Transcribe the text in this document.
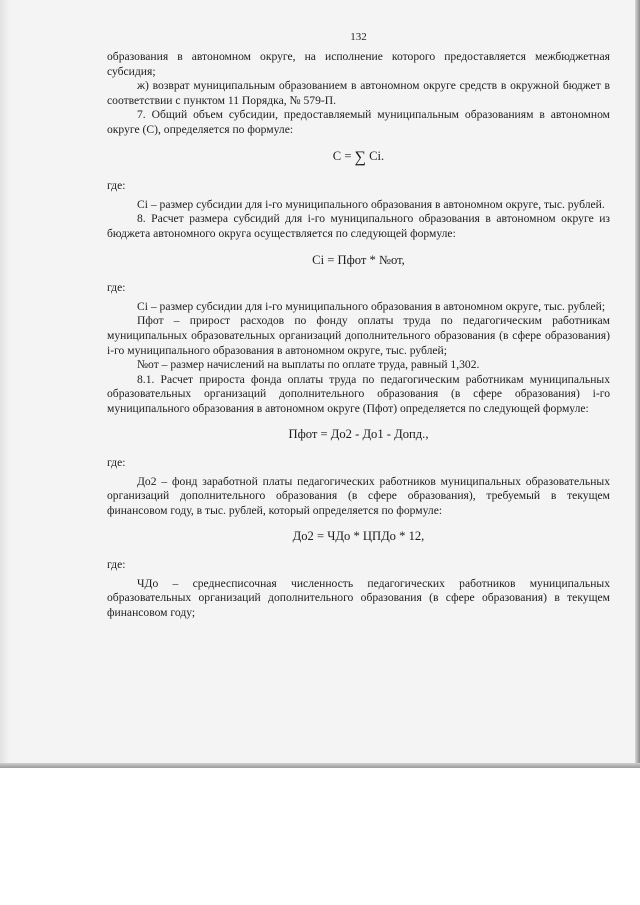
132

образования в автономном округе, на исполнение которого предоставляется межбюджетная субсидия;

ж) возврат муниципальным образованием в автономном округе средств в окружной бюджет в соответствии с пунктом 11 Порядка, № 579-П.

7. Общий объем субсидии, предоставляемый муниципальным образованиям в автономном округе (С), определяется по формуле:

С = ∑ Сi.

где:

Сi – размер субсидии для i-го муниципального образования в автономном округе, тыс. рублей.

8. Расчет размера субсидий для i-го муниципального образования в автономном округе из бюджета автономного округа осуществляется по следующей формуле:

Сi = Пфот * №от,

где:

Сi – размер субсидии для i-го муниципального образования в автономном округе, тыс. рублей;

Пфот – прирост расходов по фонду оплаты труда по педагогическим работникам муниципальных образовательных организаций дополнительного образования (в сфере образования) i-го муниципального образования в автономном округе, тыс. рублей;

№от – размер начислений на выплаты по оплате труда, равный 1,302.

8.1. Расчет прироста фонда оплаты труда по педагогическим работникам муниципальных образовательных организаций дополнительного образования (в сфере образования) i-го муниципального образования в автономном округе (Пфот) определяется по следующей формуле:

Пфот = До2 - До1 - Допд.,

где:

До2 – фонд заработной платы педагогических работников муниципальных образовательных организаций дополнительного образования (в сфере образования), требуемый в текущем финансовом году, в тыс. рублей, который определяется по формуле:

До2 = ЧДо * ЦПДо * 12,

где:

ЧДо – среднесписочная численность педагогических работников муниципальных образовательных организаций дополнительного образования (в сфере образования) в текущем финансовом году;
